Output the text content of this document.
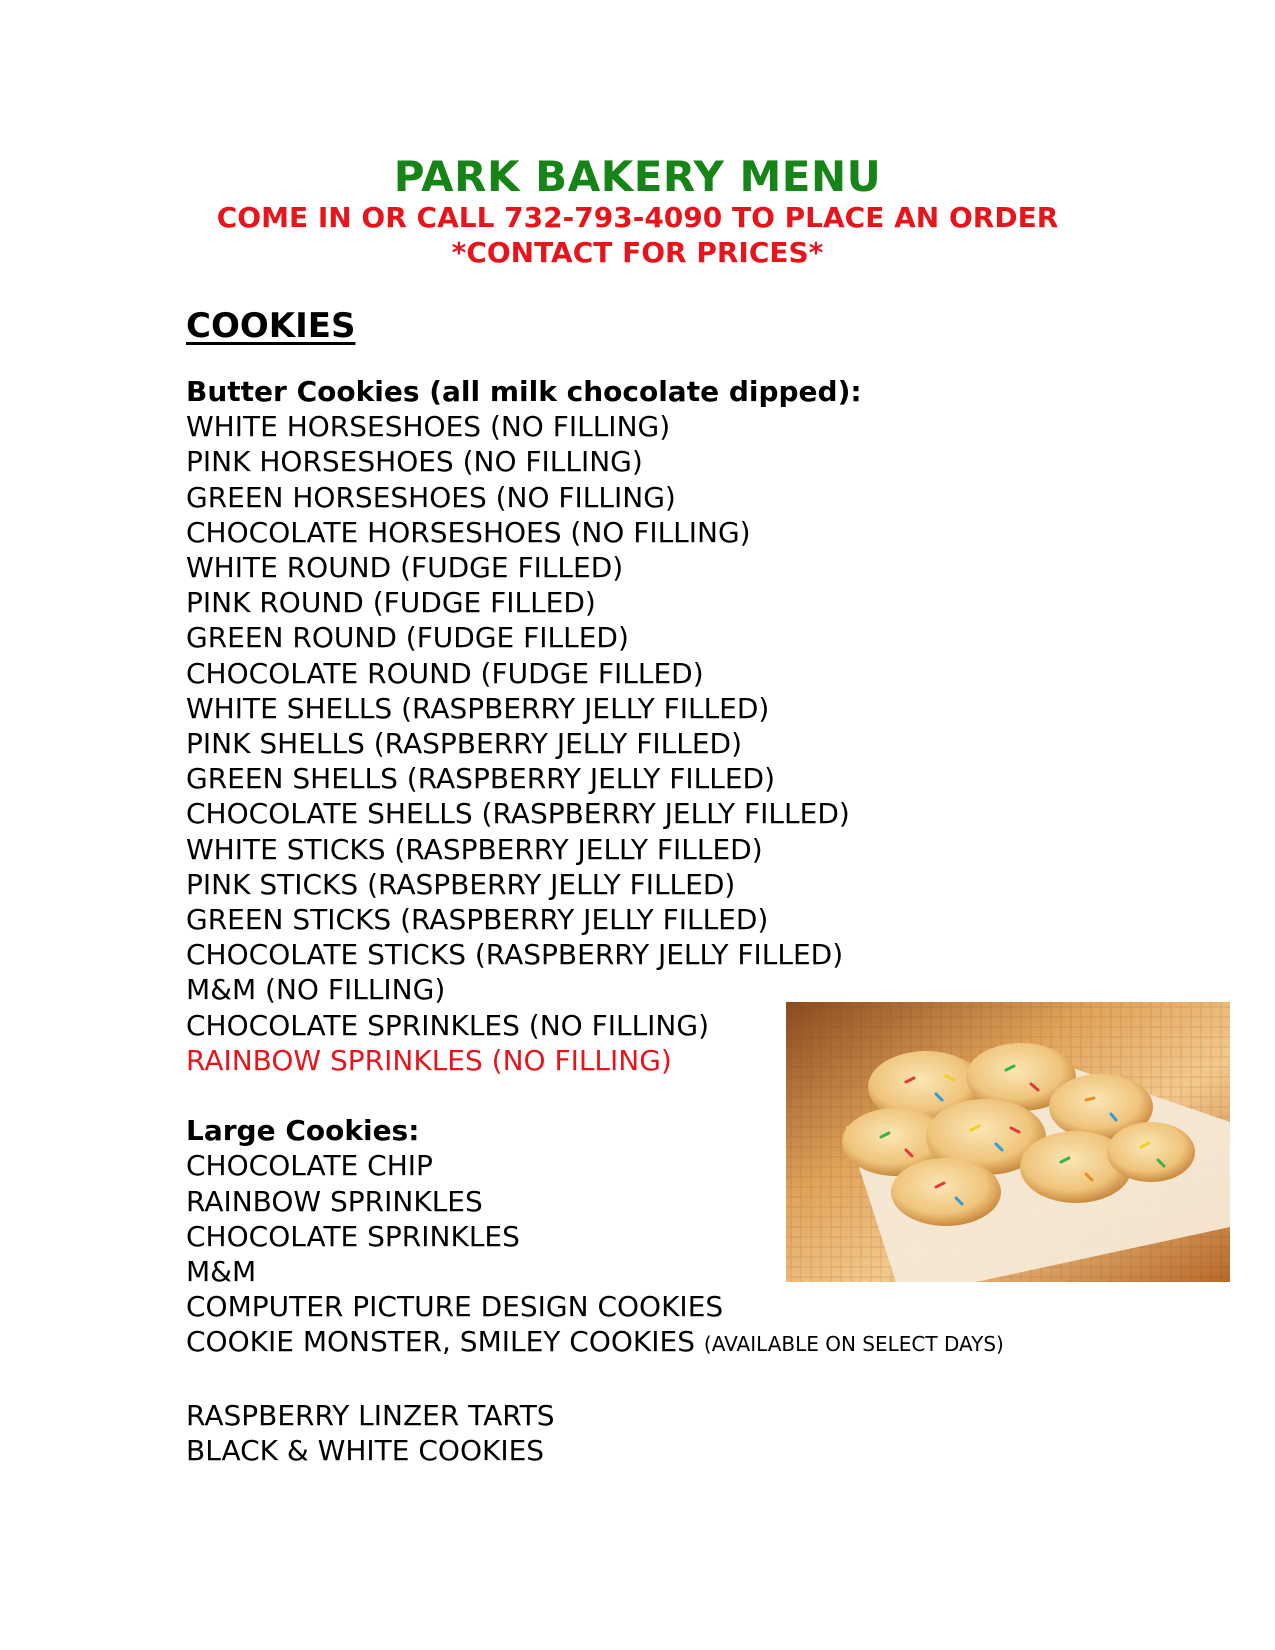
PARK BAKERY MENU
COME IN OR CALL 732-793-4090 TO PLACE AN ORDER
*CONTACT FOR PRICES*
COOKIES
Butter Cookies (all milk chocolate dipped):
WHITE HORSESHOES (NO FILLING)
PINK HORSESHOES (NO FILLING)
GREEN HORSESHOES (NO FILLING)
CHOCOLATE HORSESHOES (NO FILLING)
WHITE ROUND (FUDGE FILLED)
PINK ROUND (FUDGE FILLED)
GREEN ROUND (FUDGE FILLED)
CHOCOLATE ROUND (FUDGE FILLED)
WHITE SHELLS (RASPBERRY JELLY FILLED)
PINK SHELLS (RASPBERRY JELLY FILLED)
GREEN SHELLS (RASPBERRY JELLY FILLED)
CHOCOLATE SHELLS (RASPBERRY JELLY FILLED)
WHITE STICKS (RASPBERRY JELLY FILLED)
PINK STICKS (RASPBERRY JELLY FILLED)
GREEN STICKS (RASPBERRY JELLY FILLED)
CHOCOLATE STICKS (RASPBERRY JELLY FILLED)
M&M (NO FILLING)
CHOCOLATE SPRINKLES (NO FILLING)
RAINBOW SPRINKLES (NO FILLING)
Large Cookies:
CHOCOLATE CHIP
RAINBOW SPRINKLES
CHOCOLATE SPRINKLES
M&M
COMPUTER PICTURE DESIGN COOKIES
COOKIE MONSTER, SMILEY COOKIES (AVAILABLE ON SELECT DAYS)
RASPBERRY LINZER TARTS
BLACK & WHITE COOKIES
